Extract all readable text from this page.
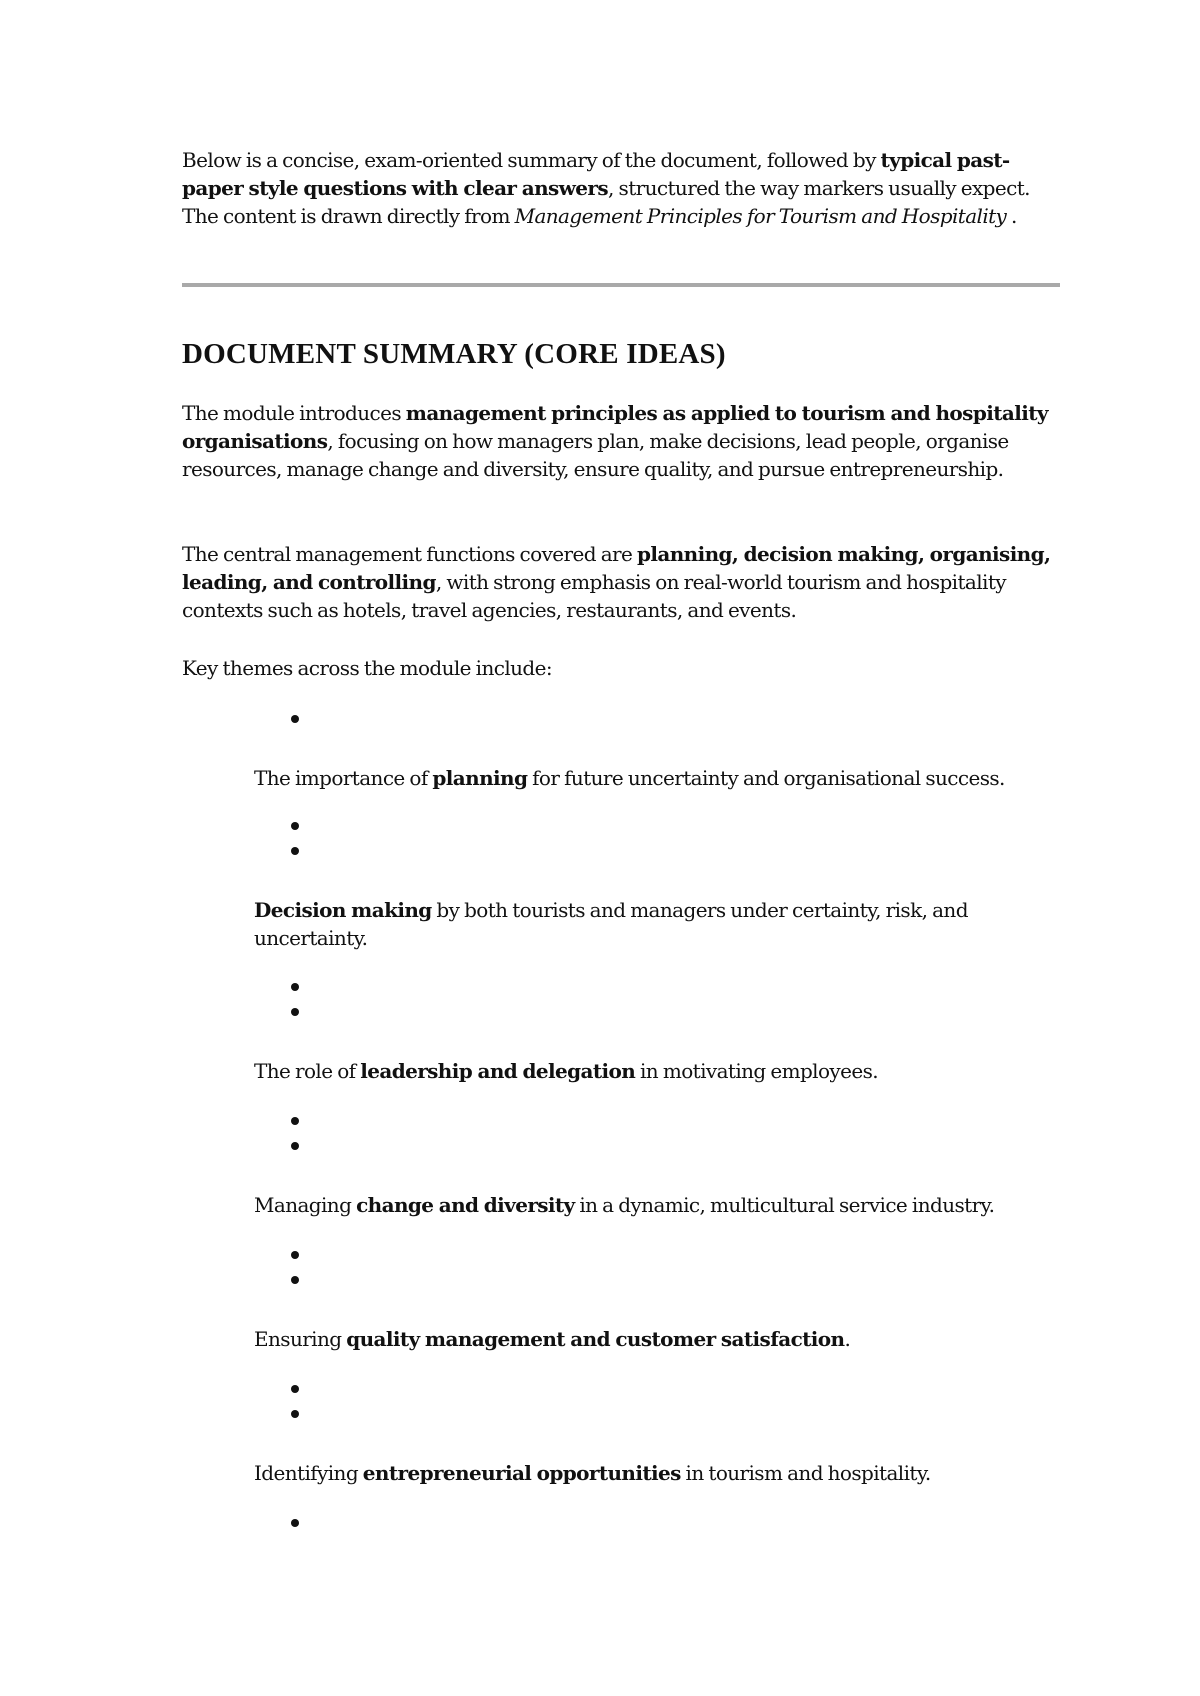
Below is a concise, exam-oriented summary of the document, followed by typical past-paper style questions with clear answers, structured the way markers usually expect. The content is drawn directly from Management Principles for Tourism and Hospitality .

DOCUMENT SUMMARY (CORE IDEAS)

The module introduces management principles as applied to tourism and hospitality organisations, focusing on how managers plan, make decisions, lead people, organise resources, manage change and diversity, ensure quality, and pursue entrepreneurship.

The central management functions covered are planning, decision making, organising, leading, and controlling, with strong emphasis on real-world tourism and hospitality contexts such as hotels, travel agencies, restaurants, and events.

Key themes across the module include:

The importance of planning for future uncertainty and organisational success.

Decision making by both tourists and managers under certainty, risk, and uncertainty.

The role of leadership and delegation in motivating employees.

Managing change and diversity in a dynamic, multicultural service industry.

Ensuring quality management and customer satisfaction.

Identifying entrepreneurial opportunities in tourism and hospitality.
